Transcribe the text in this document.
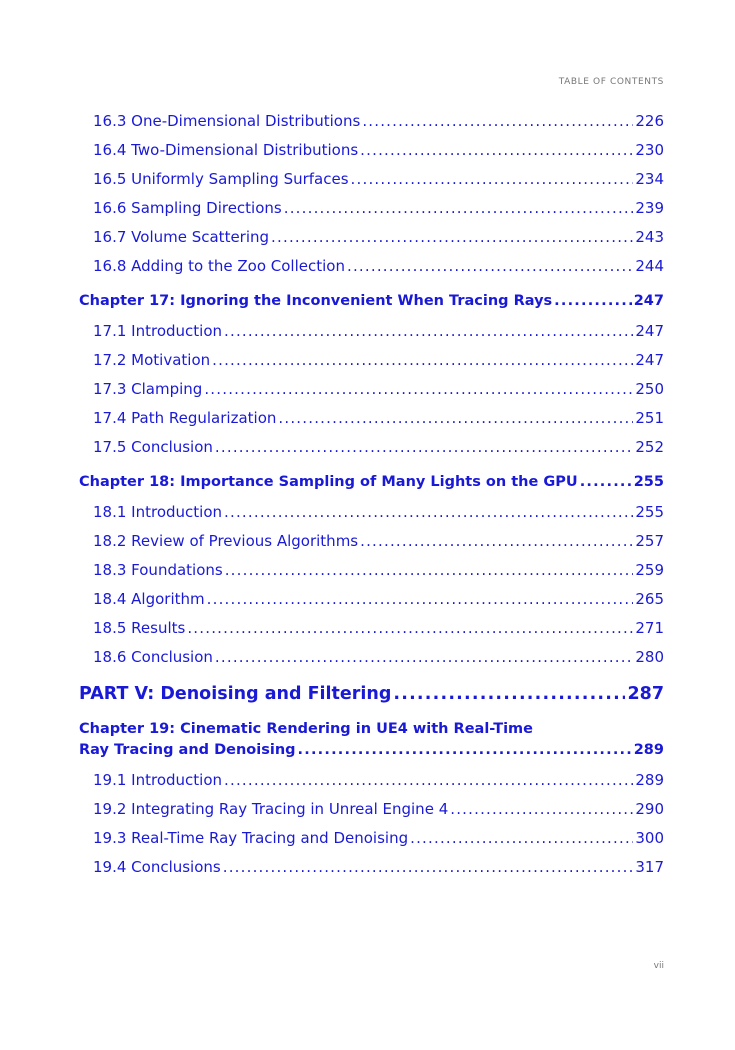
TABLE OF CONTENTS
16.3 One-Dimensional Distributions .....	226
16.4 Two-Dimensional Distributions .....	230
16.5 Uniformly Sampling Surfaces .....	234
16.6 Sampling Directions .....	239
16.7 Volume Scattering .....	243
16.8 Adding to the Zoo Collection .....	244
Chapter 17: Ignoring the Inconvenient When Tracing Rays .....	247
17.1 Introduction .....	247
17.2 Motivation .....	247
17.3 Clamping .....	250
17.4 Path Regularization .....	251
17.5 Conclusion .....	252
Chapter 18: Importance Sampling of Many Lights on the GPU .....	255
18.1 Introduction .....	255
18.2 Review of Previous Algorithms .....	257
18.3 Foundations .....	259
18.4 Algorithm .....	265
18.5 Results .....	271
18.6 Conclusion .....	280
PART V: Denoising and Filtering .....	287
Chapter 19: Cinematic Rendering in UE4 with Real-Time
Ray Tracing and Denoising .....	289
19.1 Introduction .....	289
19.2 Integrating Ray Tracing in Unreal Engine 4 .....	290
19.3 Real-Time Ray Tracing and Denoising .....	300
19.4 Conclusions .....	317
vii
